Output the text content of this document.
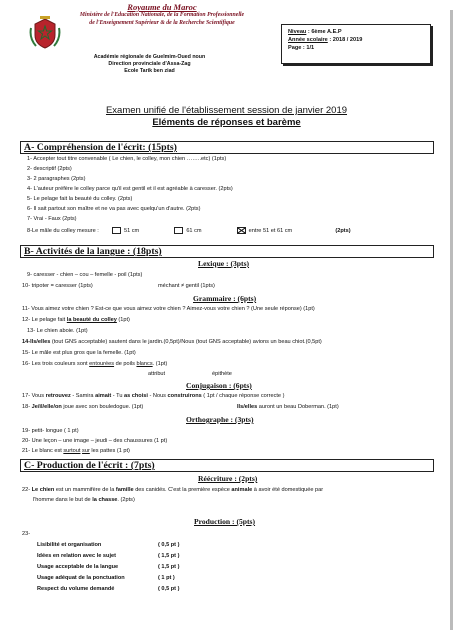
Royaume du Maroc
Ministère de l'Education Nationale, de la Formation Professionnelle
de l'Enseignement Supérieur & de la Recherche Scientifique
Académie régionale de Guelmim-Oued noun
Direction provinciale d'Assa-Zag
Ecole Tarik ben ziad
Niveau : 6ème A.E.P
Année scolaire : 2018 / 2019
Page : 1/1
Examen unifié de l'établissement session de janvier 2019
Eléments de réponses et barème
A- Compréhension de l'écrit: (15pts)
1- Accepter tout titre convenable ( Le chien, le colley, mon chien ……..etc) (1pts)
2- descriptif (2pts)
3- 2 paragraphes (2pts)
4- L'auteur préfère le colley parce qu'il est gentil et il est agréable à caresser. (2pts)
5- Le pelage fait la beauté du colley. (2pts)
6- Il sait partout son maître et ne va pas avec quelqu'un d'autre. (2pts)
7- Vrai - Faux (2pts)
8-Le mâle du colley mesure :	51 cm	61 cm	entre 51 et 61 cm	(2pts)
B- Activités de la langue : (18pts)
Lexique : (3pts)
9- caresser - chien – cou – femelle - poil (1pts)
10- tripoter = caresser (1pts)	méchant ≠ gentil (1pts)
Grammaire : (6pts)
11- Vous aimez votre chien ? Est-ce que vous aimez votre chien ? Aimez-vous votre chien ? (Une seule réponse) (1pt)
12- Le pelage fait la beauté du colley (1pt)
13- Le chien aboie. (1pt)
14-Ils/elles (tout GNS acceptable) sautent dans le jardin.(0,5pt)/Nous (tout GNS acceptable) avions un beau chiot.(0,5pt)
15- Le mâle est plus gros que la femelle. (1pt)
16- Les trois couleurs sont entourées de poils blancs. (1pt)
attribut	épithète
Conjugaison : (6pts)
17- Vous retrouvez - Samira aimait - Tu as choisi - Nous construirons ( 1pt / chaque réponse correcte )
18- Je/il/elle/on joue avec son bouledogue. (1pt)	Ils/elles auront un beau Doberman. (1pt)
Orthographe : (3pts)
19- petit- longue ( 1 pt)
20- Une leçon – une image – jeudi – des chaussures (1 pt)
21- Le blanc est surtout sur les pattes (1 pt)
C- Production de l'écrit : (7pts)
Réécriture : (2pts)
22- Le chien est un mammifère de la famille des canidés. C'est la première espèce animale à avoir été domestiquée par
l'homme dans le but de la chasse. (2pts)
Production : (5pts)
23-
Lisibilité et organisation	( 0,5 pt )
Idées en relation avec le sujet	( 1,5 pt )
Usage acceptable de la langue	( 1,5 pt )
Usage adéquat de la ponctuation	( 1 pt )
Respect du volume demandé	( 0,5 pt )
